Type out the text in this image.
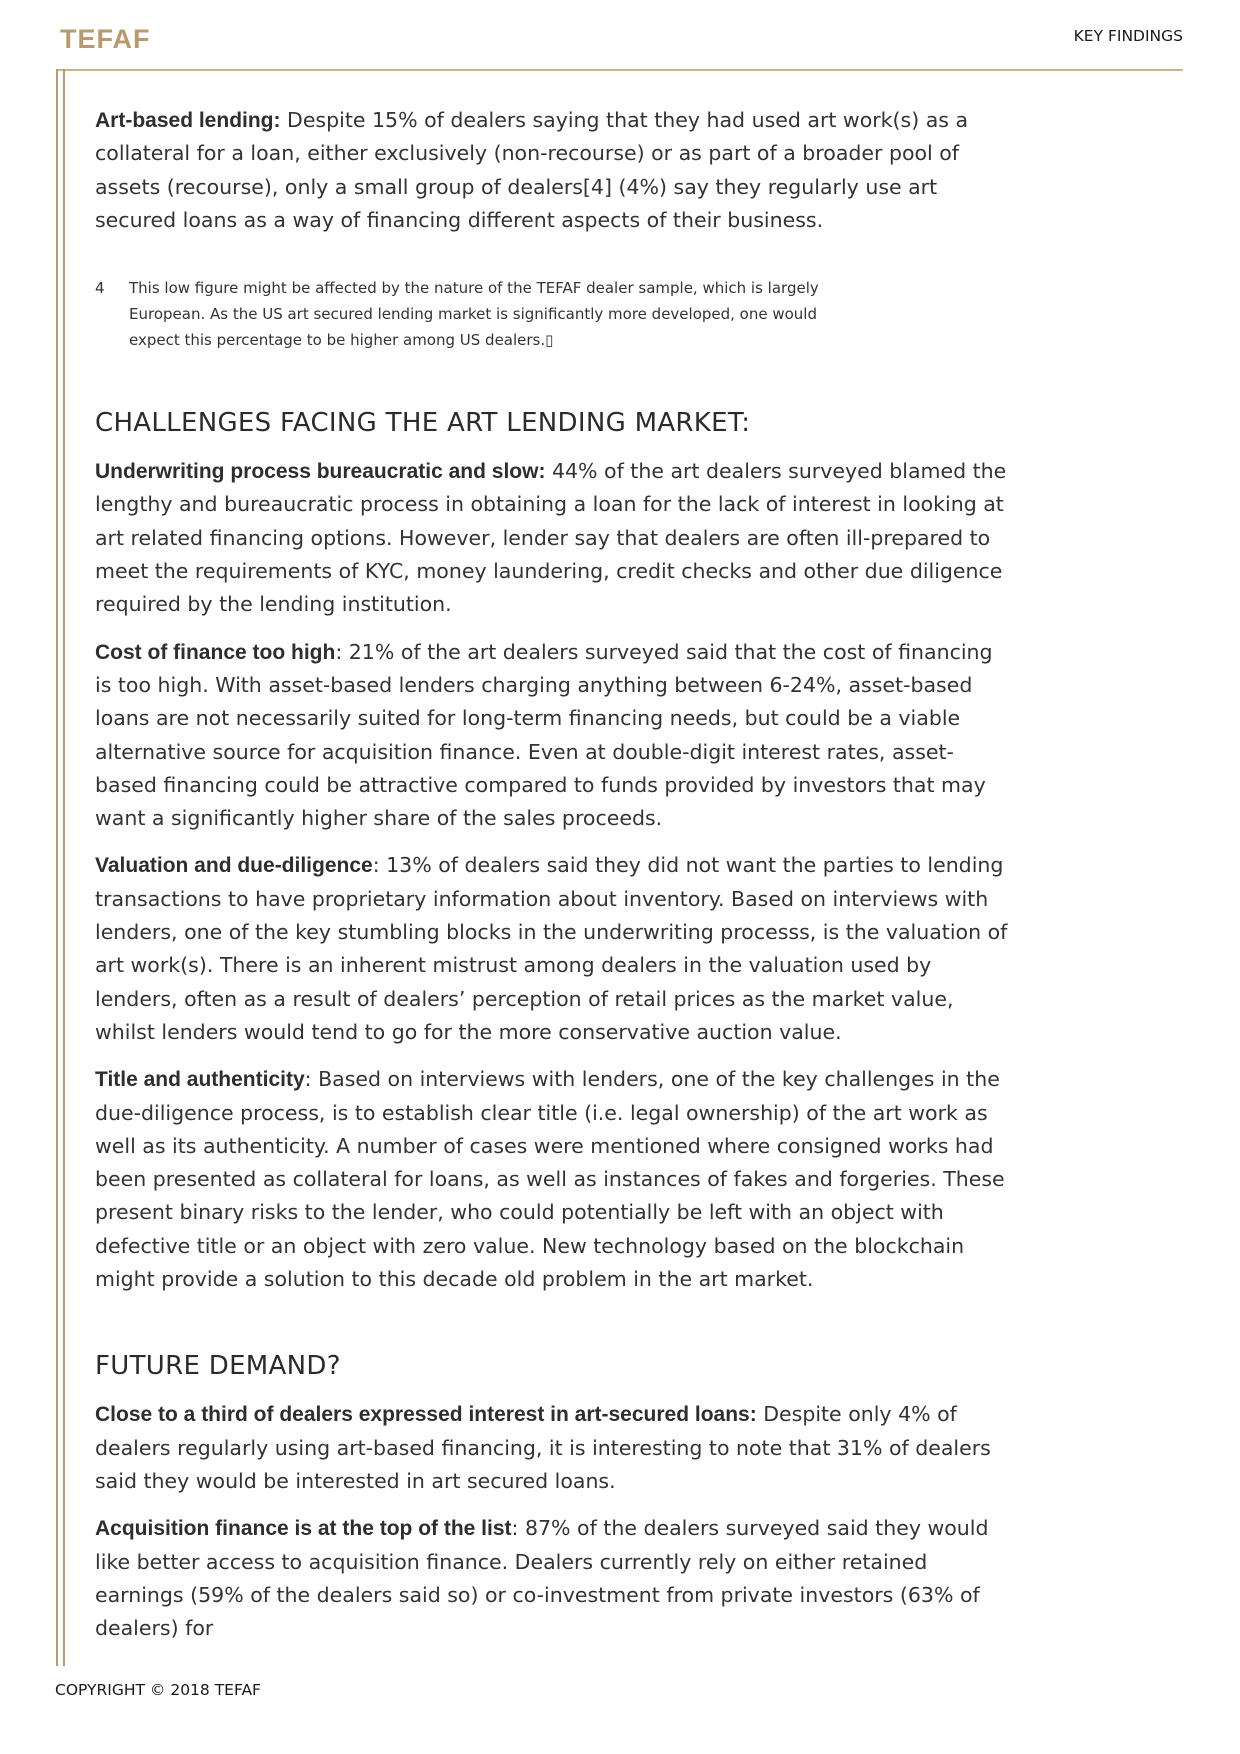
TEFAF	KEY FINDINGS

Art-based lending: Despite 15% of dealers saying that they had used art work(s) as a collateral for a loan, either exclusively (non-recourse) or as part of a broader pool of assets (recourse), only a small group of dealers[4] (4%) say they regularly use art secured loans as a way of financing different aspects of their business.

4	This low figure might be affected by the nature of the TEFAF dealer sample, which is largely European. As the US art secured lending market is significantly more developed, one would expect this percentage to be higher among US dealers.▯
CHALLENGES FACING THE ART LENDING MARKET:

Underwriting process bureaucratic and slow: 44% of the art dealers surveyed blamed the lengthy and bureaucratic process in obtaining a loan for the lack of interest in looking at art related financing options. However, lender say that dealers are often ill-prepared to meet the requirements of KYC, money laundering, credit checks and other due diligence required by the lending institution.

Cost of finance too high: 21% of the art dealers surveyed said that the cost of financing is too high. With asset-based lenders charging anything between 6-24%, asset-based loans are not necessarily suited for long-term financing needs, but could be a viable alternative source for acquisition finance. Even at double-digit interest rates, asset-based financing could be attractive compared to funds provided by investors that may want a significantly higher share of the sales proceeds.

Valuation and due-diligence: 13% of dealers said they did not want the parties to lending transactions to have proprietary information about inventory. Based on interviews with lenders, one of the key stumbling blocks in the underwriting processs, is the valuation of art work(s). There is an inherent mistrust among dealers in the valuation used by lenders, often as a result of dealers’ perception of retail prices as the market value, whilst lenders would tend to go for the more conservative auction value.

Title and authenticity: Based on interviews with lenders, one of the key challenges in the due-diligence process, is to establish clear title (i.e. legal ownership) of the art work as well as its authenticity. A number of cases were mentioned where consigned works had been presented as collateral for loans, as well as instances of fakes and forgeries. These present binary risks to the lender, who could potentially be left with an object with defective title or an object with zero value. New technology based on the blockchain might provide a solution to this decade old problem in the art market.

FUTURE DEMAND?

Close to a third of dealers expressed interest in art-secured loans: Despite only 4% of dealers regularly using art-based financing, it is interesting to note that 31% of dealers said they would be interested in art secured loans.

Acquisition finance is at the top of the list: 87% of the dealers surveyed said they would like better access to acquisition finance. Dealers currently rely on either retained earnings (59% of the dealers said so) or co-investment from private investors (63% of dealers) for

COPYRIGHT © 2018 TEFAF
